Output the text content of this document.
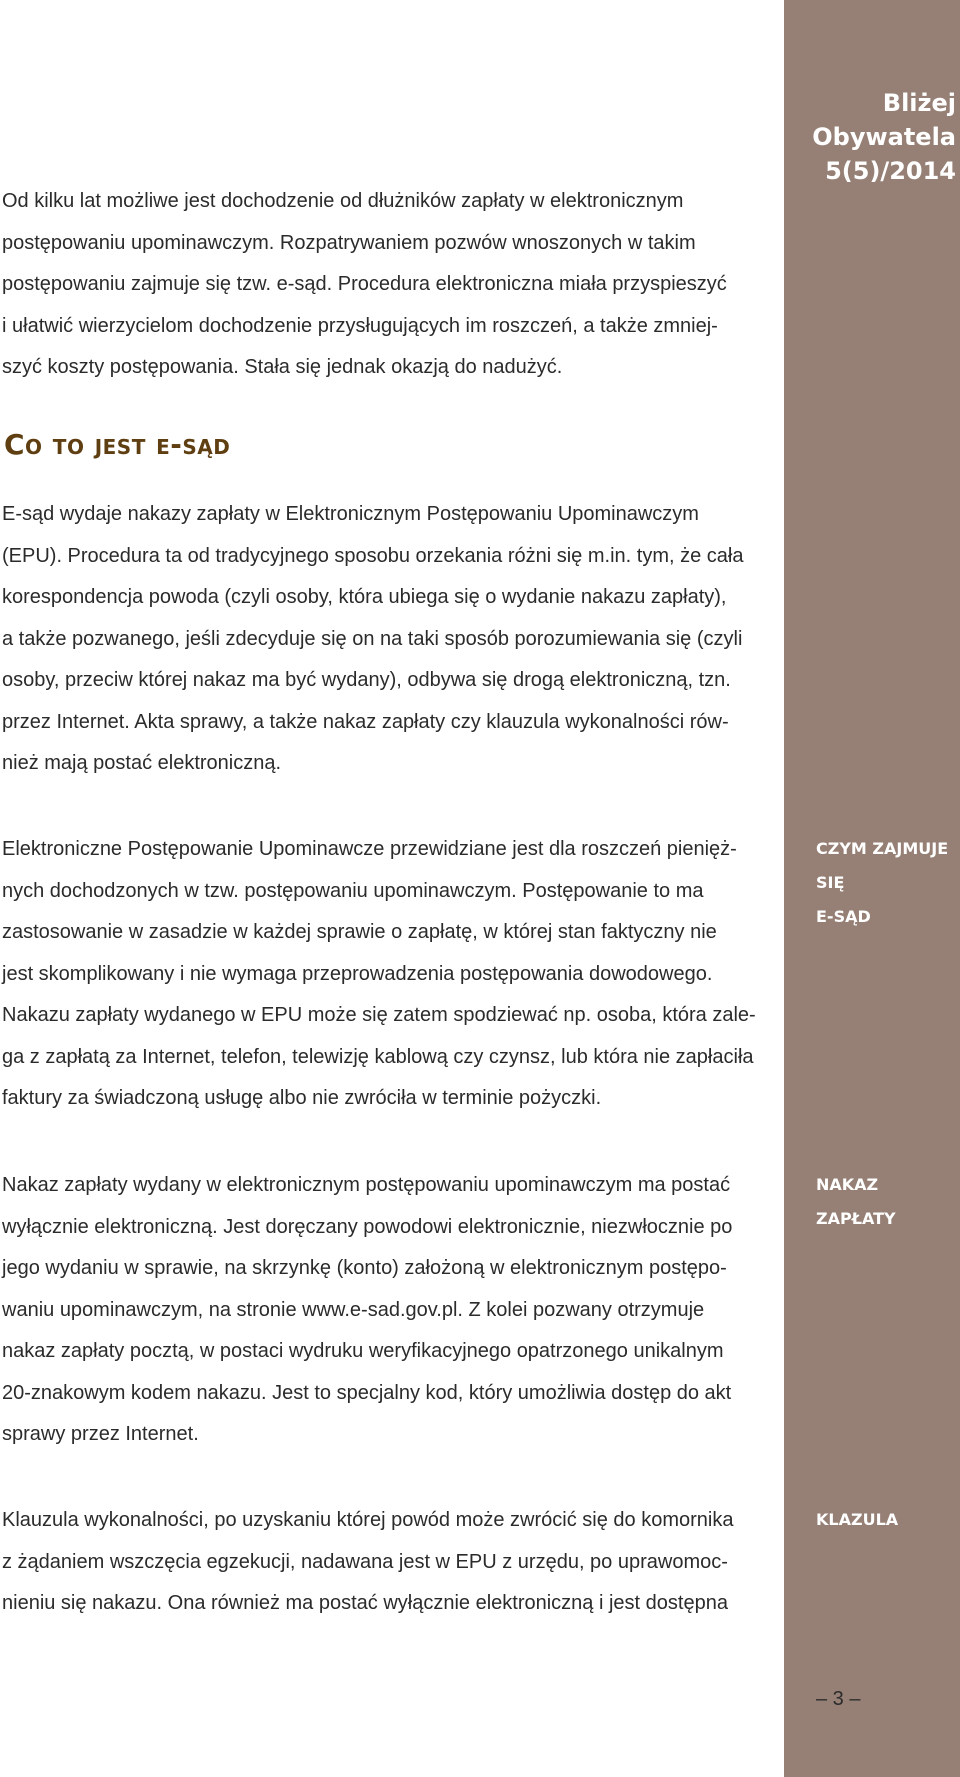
Bliżej
Obywatela
5(5)/2014
Od kilku lat możliwe jest dochodzenie od dłużników zapłaty w elektronicznym
postępowaniu upominawczym. Rozpatrywaniem pozwów wnoszonych w takim
postępowaniu zajmuje się tzw. e-sąd. Procedura elektroniczna miała przyspieszyć
i ułatwić wierzycielom dochodzenie przysługujących im roszczeń, a także zmniej-
szyć koszty postępowania. Stała się jednak okazją do nadużyć.
Co to jest e-sąd
E-sąd wydaje nakazy zapłaty w Elektronicznym Postępowaniu Upominawczym
(EPU). Procedura ta od tradycyjnego sposobu orzekania różni się m.in. tym, że cała
korespondencja powoda (czyli osoby, która ubiega się o wydanie nakazu zapłaty),
a także pozwanego, jeśli zdecyduje się on na taki sposób porozumiewania się (czyli
osoby, przeciw której nakaz ma być wydany), odbywa się drogą elektroniczną, tzn.
przez Internet. Akta sprawy, a także nakaz zapłaty czy klauzula wykonalności rów-
nież mają postać elektroniczną.
CZYM ZAJMUJE SIĘ
E-SĄD
Elektroniczne Postępowanie Upominawcze przewidziane jest dla roszczeń pienięż-
nych dochodzonych w tzw. postępowaniu upominawczym. Postępowanie to ma
zastosowanie w zasadzie w każdej sprawie o zapłatę, w której stan faktyczny nie
jest skomplikowany i nie wymaga przeprowadzenia postępowania dowodowego.
Nakazu zapłaty wydanego w EPU może się zatem spodziewać np. osoba, która zale-
ga z zapłatą za Internet, telefon, telewizję kablową czy czynsz, lub która nie zapłaciła
faktury za świadczoną usługę albo nie zwróciła w terminie pożyczki.
NAKAZ
ZAPŁATY
Nakaz zapłaty wydany w elektronicznym postępowaniu upominawczym ma postać
wyłącznie elektroniczną. Jest doręczany powodowi elektronicznie, niezwłocznie po
jego wydaniu w sprawie, na skrzynkę (konto) założoną w elektronicznym postępo-
waniu upominawczym, na stronie www.e-sad.gov.pl. Z kolei pozwany otrzymuje
nakaz zapłaty pocztą, w postaci wydruku weryfikacyjnego opatrzonego unikalnym
20-znakowym kodem nakazu. Jest to specjalny kod, który umożliwia dostęp do akt
sprawy przez Internet.
KLAZULA
Klauzula wykonalności, po uzyskaniu której powód może zwrócić się do komornika
z żądaniem wszczęcia egzekucji, nadawana jest w EPU z urzędu, po uprawomoc-
nieniu się nakazu. Ona również ma postać wyłącznie elektroniczną i jest dostępna
– 3 –
